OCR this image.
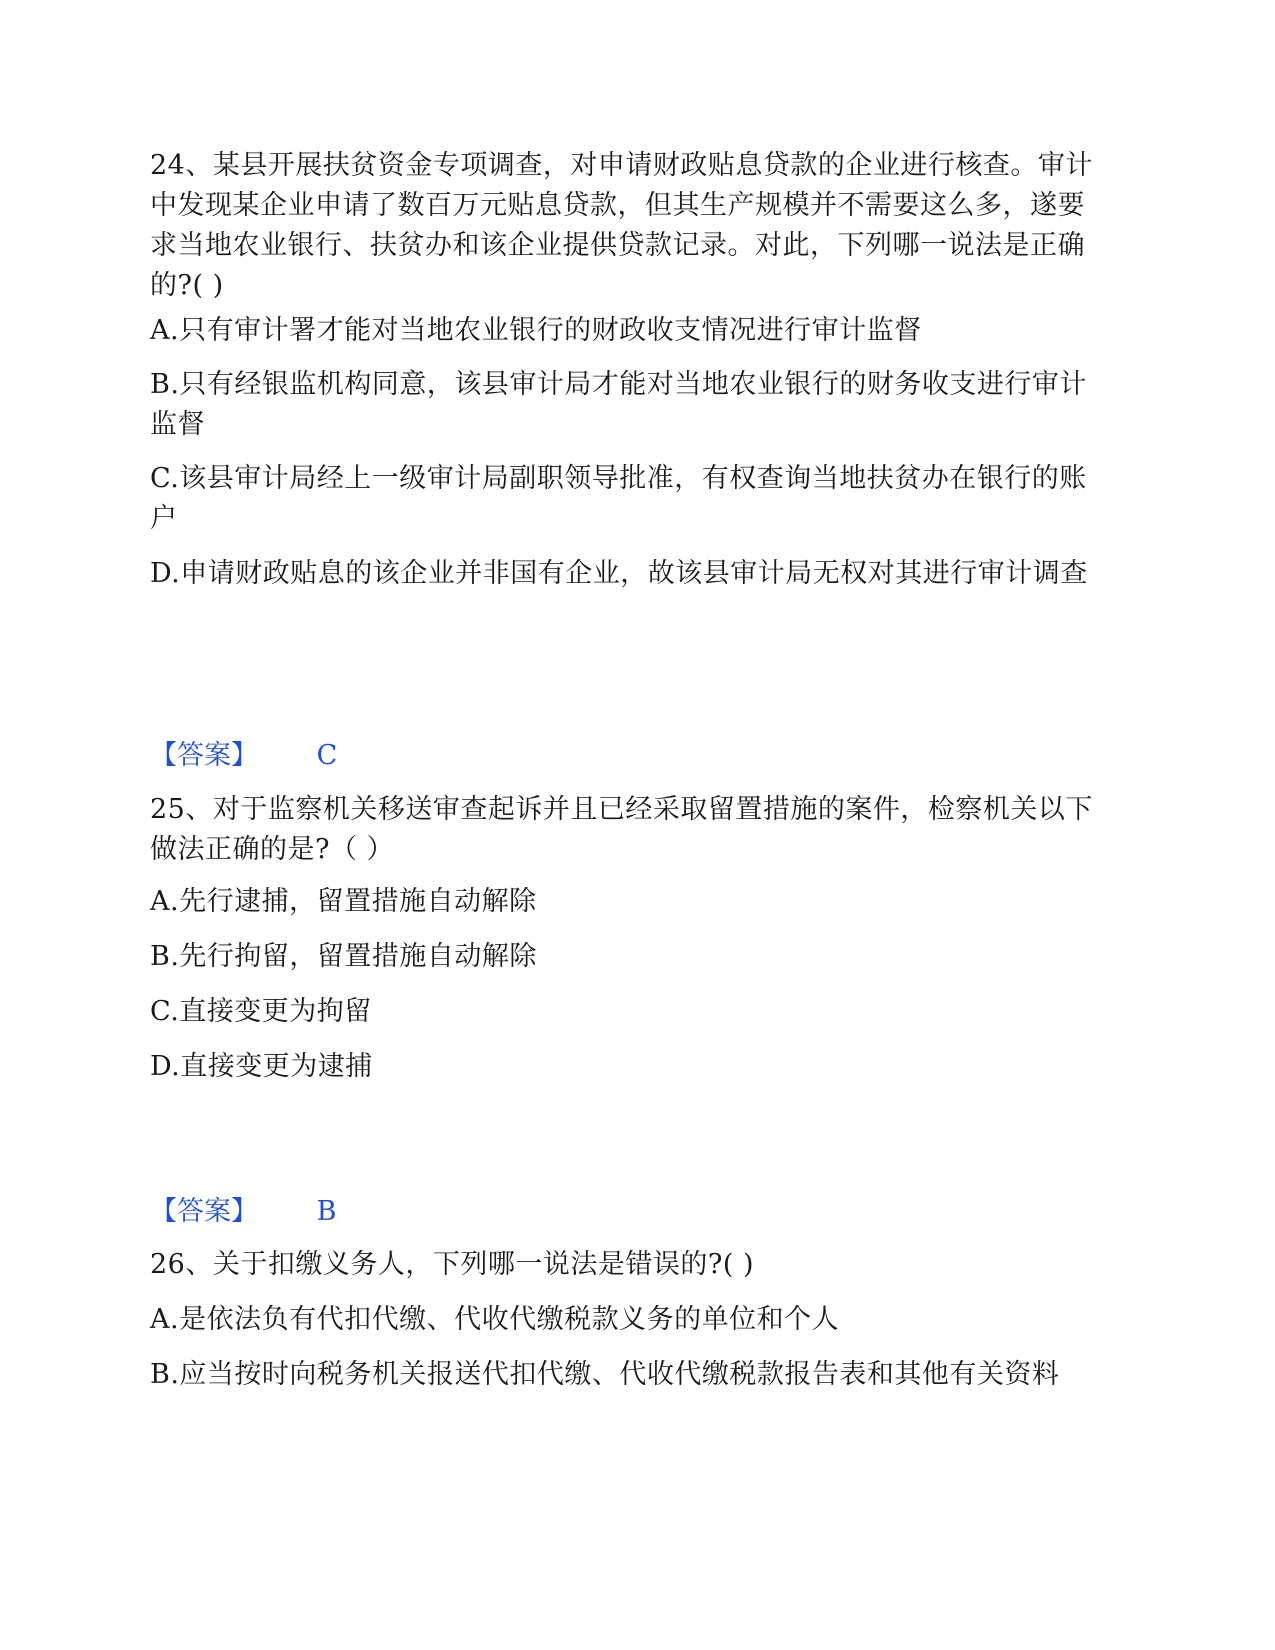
24、某县开展扶贫资金专项调查，对申请财政贴息贷款的企业进行核查。审计中发现某企业申请了数百万元贴息贷款，但其生产规模并不需要这么多，遂要求当地农业银行、扶贫办和该企业提供贷款记录。对此，下列哪一说法是正确的?( )

A.只有审计署才能对当地农业银行的财政收支情况进行审计监督

B.只有经银监机构同意，该县审计局才能对当地农业银行的财务收支进行审计监督

C.该县审计局经上一级审计局副职领导批准，有权查询当地扶贫办在银行的账户

D.申请财政贴息的该企业并非国有企业，故该县审计局无权对其进行审计调查

【答案】 C

25、对于监察机关移送审查起诉并且已经采取留置措施的案件，检察机关以下做法正确的是?（ ）

A.先行逮捕，留置措施自动解除

B.先行拘留，留置措施自动解除

C.直接变更为拘留

D.直接变更为逮捕

【答案】 B

26、关于扣缴义务人，下列哪一说法是错误的?( )

A.是依法负有代扣代缴、代收代缴税款义务的单位和个人

B.应当按时向税务机关报送代扣代缴、代收代缴税款报告表和其他有关资料
